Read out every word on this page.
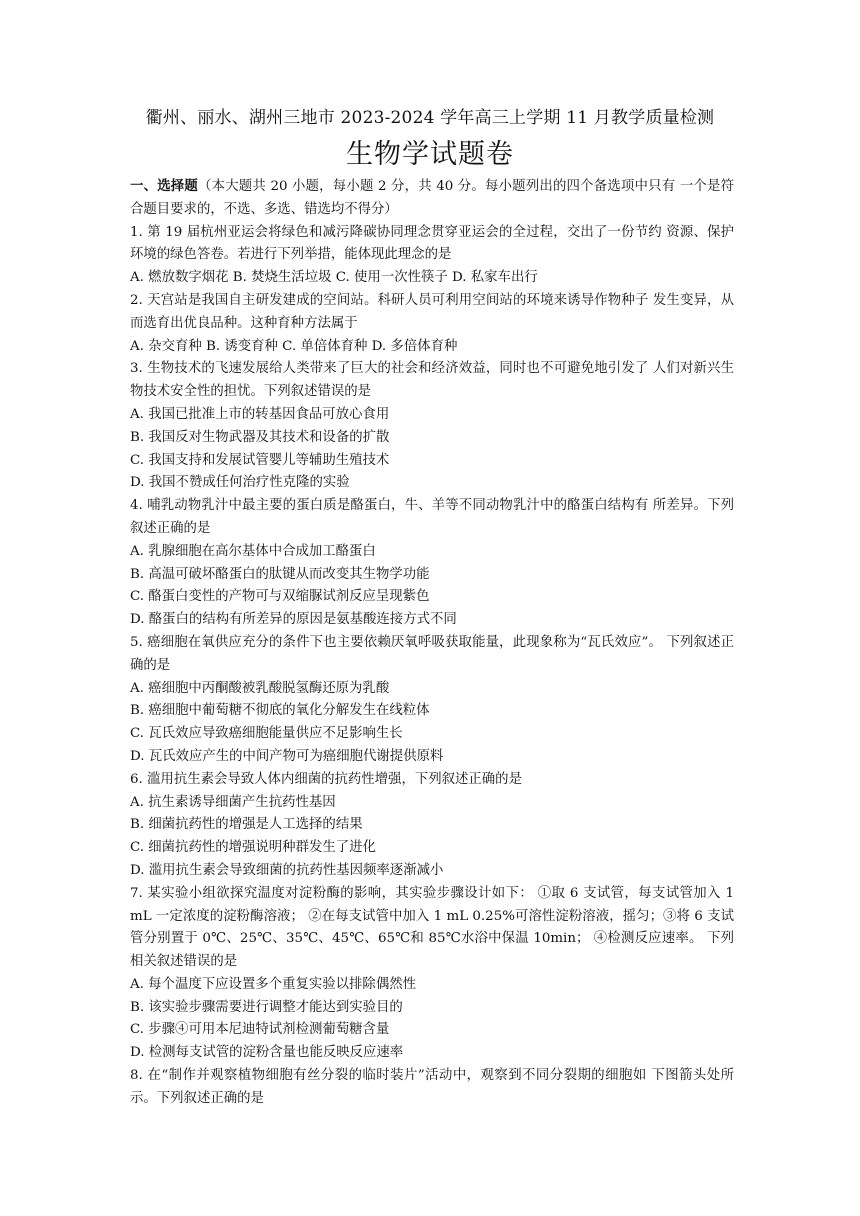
衢州、丽水、湖州三地市 2023-2024 学年高三上学期 11 月教学质量检测
生物学试题卷

一、选择题（本大题共 20 小题，每小题 2 分，共 40 分。每小题列出的四个备选项中只有 一个是符合题目要求的，不选、多选、错选均不得分）

1. 第 19 届杭州亚运会将绿色和减污降碳协同理念贯穿亚运会的全过程，交出了一份节约 资源、保护环境的绿色答卷。若进行下列举措，能体现此理念的是

A. 燃放数字烟花 B. 焚烧生活垃圾 C. 使用一次性筷子 D. 私家车出行

2. 天宫站是我国自主研发建成的空间站。科研人员可利用空间站的环境来诱导作物种子 发生变异，从而选育出优良品种。这种育种方法属于

A. 杂交育种 B. 诱变育种 C. 单倍体育种 D. 多倍体育种

3. 生物技术的飞速发展给人类带来了巨大的社会和经济效益，同时也不可避免地引发了 人们对新兴生物技术安全性的担忧。下列叙述错误的是

A. 我国已批准上市的转基因食品可放心食用

B. 我国反对生物武器及其技术和设备的扩散

C. 我国支持和发展试管婴儿等辅助生殖技术

D. 我国不赞成任何治疗性克隆的实验

4. 哺乳动物乳汁中最主要的蛋白质是酪蛋白，牛、羊等不同动物乳汁中的酪蛋白结构有 所差异。下列叙述正确的是

A. 乳腺细胞在高尔基体中合成加工酪蛋白

B. 高温可破坏酪蛋白的肽键从而改变其生物学功能

C. 酪蛋白变性的产物可与双缩脲试剂反应呈现紫色

D. 酪蛋白的结构有所差异的原因是氨基酸连接方式不同

5. 癌细胞在氧供应充分的条件下也主要依赖厌氧呼吸获取能量，此现象称为“瓦氏效应”。 下列叙述正确的是

A. 癌细胞中丙酮酸被乳酸脱氢酶还原为乳酸

B. 癌细胞中葡萄糖不彻底的氧化分解发生在线粒体

C. 瓦氏效应导致癌细胞能量供应不足影响生长

D. 瓦氏效应产生的中间产物可为癌细胞代谢提供原料

6. 滥用抗生素会导致人体内细菌的抗药性增强，下列叙述正确的是

A. 抗生素诱导细菌产生抗药性基因

B. 细菌抗药性的增强是人工选择的结果

C. 细菌抗药性的增强说明种群发生了进化

D. 滥用抗生素会导致细菌的抗药性基因频率逐渐减小

7. 某实验小组欲探究温度对淀粉酶的影响，其实验步骤设计如下： ①取 6 支试管，每支试管加入 1 mL 一定浓度的淀粉酶溶液； ②在每支试管中加入 1 mL 0.25%可溶性淀粉溶液，摇匀；③将 6 支试管分别置于 0℃、25℃、35℃、45℃、65℃和 85℃水浴中保温 10min； ④检测反应速率。 下列相关叙述错误的是

A. 每个温度下应设置多个重复实验以排除偶然性

B. 该实验步骤需要进行调整才能达到实验目的

C. 步骤④可用本尼迪特试剂检测葡萄糖含量

D. 检测每支试管的淀粉含量也能反映反应速率

8. 在“制作并观察植物细胞有丝分裂的临时装片”活动中，观察到不同分裂期的细胞如 下图箭头处所示。下列叙述正确的是
